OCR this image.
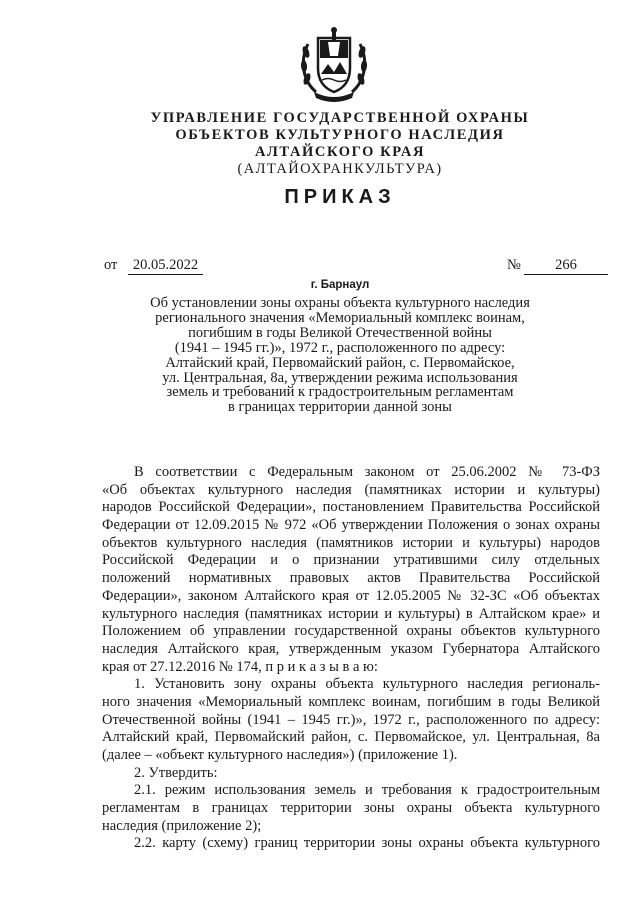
УПРАВЛЕНИЕ ГОСУДАРСТВЕННОЙ ОХРАНЫ
ОБЪЕКТОВ КУЛЬТУРНОГО НАСЛЕДИЯ
АЛТАЙСКОГО КРАЯ
(АЛТАЙОХРАНКУЛЬТУРА)
ПРИКАЗ
от	20.05.2022	№	266
г. Барнаул
Об установлении зоны охраны объекта культурного наследия
регионального значения «Мемориальный комплекс воинам,
погибшим в годы Великой Отечественной войны
(1941 – 1945 гг.)», 1972 г., расположенного по адресу:
Алтайский край, Первомайский район, с. Первомайское,
ул. Центральная, 8а, утверждении режима использования
земель и требований к градостроительным регламентам
в границах территории данной зоны
В соответствии с Федеральным законом от 25.06.2002 № 73-ФЗ
«Об объектах культурного наследия (памятниках истории и культуры)
народов Российской Федерации», постановлением Правительства Российской
Федерации от 12.09.2015 № 972 «Об утверждении Положения о зонах охраны
объектов культурного наследия (памятников истории и культуры) народов
Российской Федерации и о признании утратившими силу отдельных
положений нормативных правовых актов Правительства Российской
Федерации», законом Алтайского края от 12.05.2005 № 32-ЗС «Об объектах
культурного наследия (памятниках истории и культуры) в Алтайском крае» и
Положением об управлении государственной охраны объектов культурного
наследия Алтайского края, утвержденным указом Губернатора Алтайского
края от 27.12.2016 № 174, п р и к а з ы в а ю:
1. Установить зону охраны объекта культурного наследия региональ-
ного значения «Мемориальный комплекс воинам, погибшим в годы Великой
Отечественной войны (1941 – 1945 гг.)», 1972 г., расположенного по адресу:
Алтайский край, Первомайский район, с. Первомайское, ул. Центральная, 8а
(далее – «объект культурного наследия») (приложение 1).
2. Утвердить:
2.1. режим использования земель и требования к градостроительным
регламентам в границах территории зоны охраны объекта культурного
наследия (приложение 2);
2.2. карту (схему) границ территории зоны охраны объекта культурного
